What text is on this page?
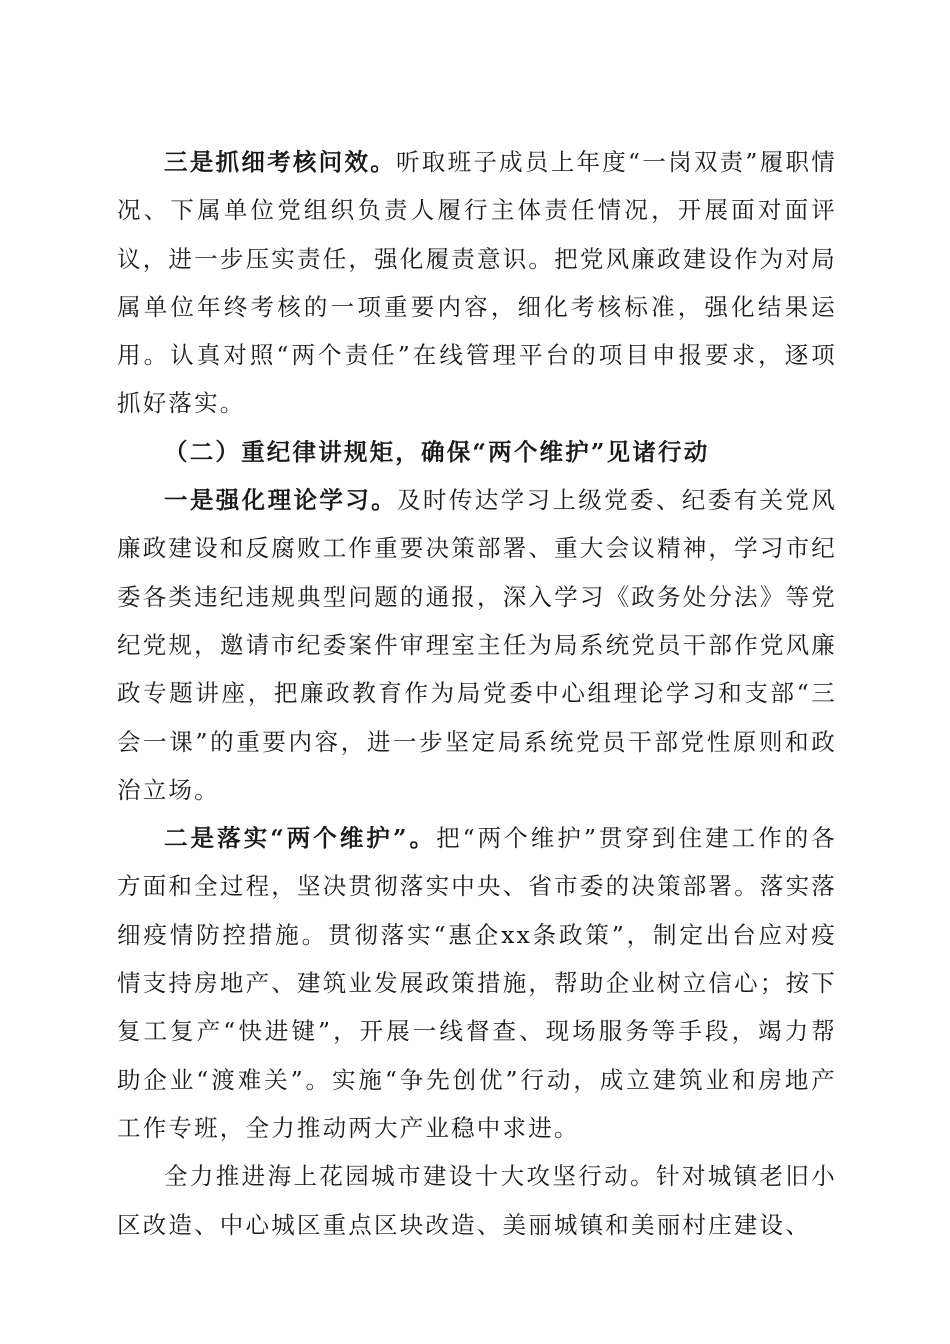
三是抓细考核问效。听取班子成员上年度“一岗双责”履职情况、下属单位党组织负责人履行主体责任情况，开展面对面评议，进一步压实责任，强化履责意识。把党风廉政建设作为对局属单位年终考核的一项重要内容，细化考核标准，强化结果运用。认真对照“两个责任”在线管理平台的项目申报要求，逐项抓好落实。

（二）重纪律讲规矩，确保“两个维护”见诸行动

一是强化理论学习。及时传达学习上级党委、纪委有关党风廉政建设和反腐败工作重要决策部署、重大会议精神，学习市纪委各类违纪违规典型问题的通报，深入学习《政务处分法》等党纪党规，邀请市纪委案件审理室主任为局系统党员干部作党风廉政专题讲座，把廉政教育作为局党委中心组理论学习和支部“三会一课”的重要内容，进一步坚定局系统党员干部党性原则和政治立场。

二是落实“两个维护”。把“两个维护”贯穿到住建工作的各方面和全过程，坚决贯彻落实中央、省市委的决策部署。落实落细疫情防控措施。贯彻落实“惠企xx条政策”，制定出台应对疫情支持房地产、建筑业发展政策措施，帮助企业树立信心；按下复工复产“快进键”，开展一线督查、现场服务等手段，竭力帮助企业“渡难关”。实施“争先创优”行动，成立建筑业和房地产工作专班，全力推动两大产业稳中求进。

全力推进海上花园城市建设十大攻坚行动。针对城镇老旧小区改造、中心城区重点区块改造、美丽城镇和美丽村庄建设、
